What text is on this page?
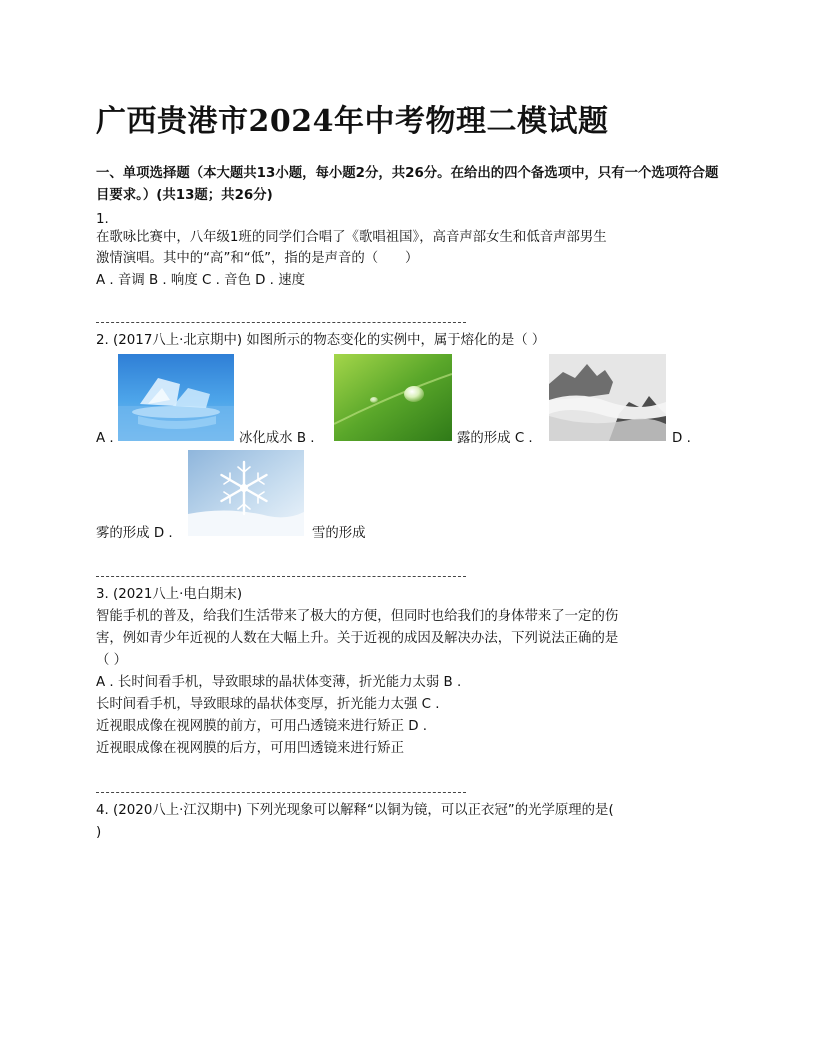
广西贵港市2024年中考物理二模试题
一、单项选择题（本大题共13小题，每小题2分，共26分。在给出的四个备选项中，只有一个选项符合题目要求。）(共13题；共26分)
1.
在歌咏比赛中，八年级1班的同学们合唱了《歌唱祖国》，高音声部女生和低音声部男生
激情演唱。其中的“高”和“低”，指的是声音的（　　）
A . 音调 B . 响度 C . 音色 D . 速度
2. (2017八上·北京期中) 如图所示的物态变化的实例中，属于熔化的是（ ）
A .	冰化成水 B .	露的形成 C .	D .
雾的形成 D .	雪的形成
3. (2021八上·电白期末)
智能手机的普及，给我们生活带来了极大的方便，但同时也给我们的身体带来了一定的伤
害，例如青少年近视的人数在大幅上升。关于近视的成因及解决办法，下列说法正确的是
（ ）
A . 长时间看手机，导致眼球的晶状体变薄，折光能力太弱 B .
长时间看手机，导致眼球的晶状体变厚，折光能力太强 C .
近视眼成像在视网膜的前方，可用凸透镜来进行矫正 D .
近视眼成像在视网膜的后方，可用凹透镜来进行矫正
4. (2020八上·江汉期中) 下列光现象可以解释“以铜为镜，可以正衣冠”的光学原理的是(
)
